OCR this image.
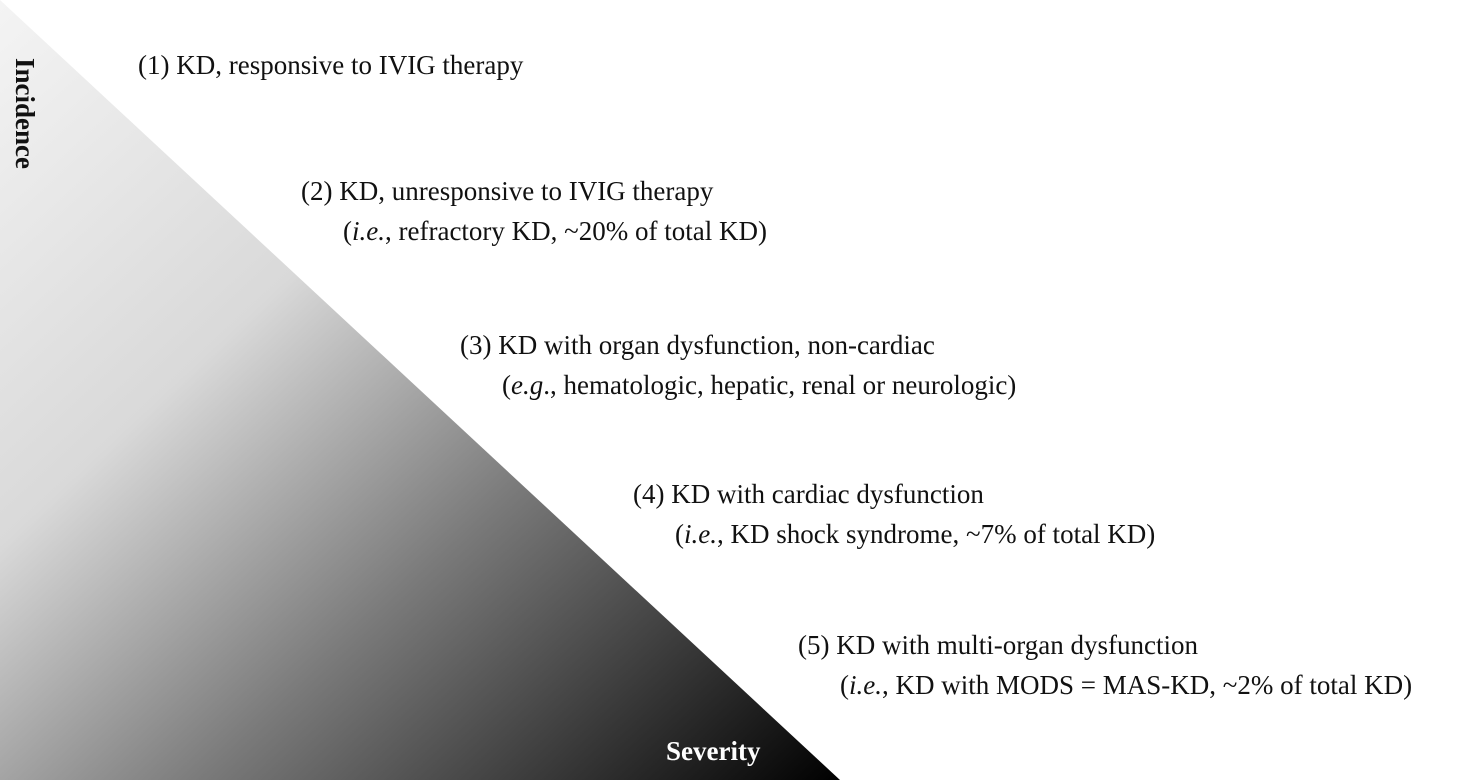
Incidence
Severity
(1) KD, responsive to IVIG therapy
(2) KD, unresponsive to IVIG therapy
(i.e., refractory KD, ~20% of total KD)
(3) KD with organ dysfunction, non-cardiac
(e.g., hematologic, hepatic, renal or neurologic)
(4) KD with cardiac dysfunction
(i.e., KD shock syndrome, ~7% of total KD)
(5) KD with multi-organ dysfunction
(i.e., KD with MODS = MAS-KD, ~2% of total KD)
